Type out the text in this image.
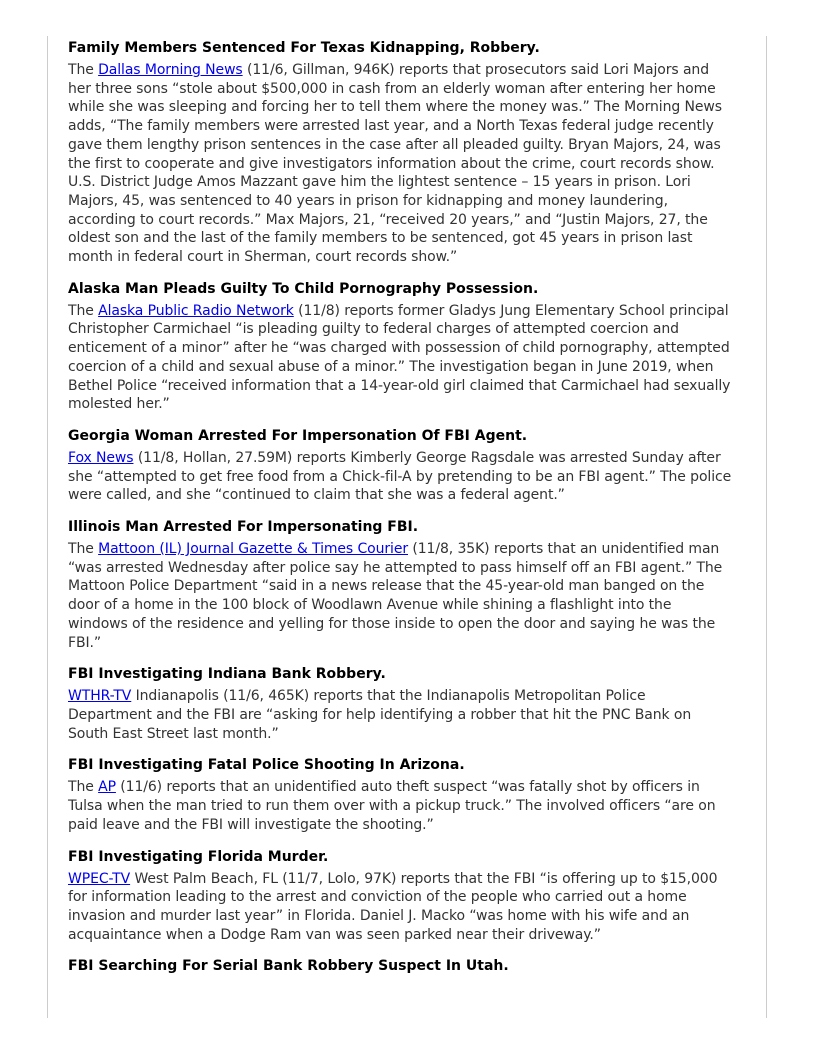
Family Members Sentenced For Texas Kidnapping, Robbery.

The Dallas Morning News (11/6, Gillman, 946K) reports that prosecutors said Lori Majors and
her three sons “stole about $500,000 in cash from an elderly woman after entering her home
while she was sleeping and forcing her to tell them where the money was.” The Morning News
adds, “The family members were arrested last year, and a North Texas federal judge recently
gave them lengthy prison sentences in the case after all pleaded guilty. Bryan Majors, 24, was
the first to cooperate and give investigators information about the crime, court records show.
U.S. District Judge Amos Mazzant gave him the lightest sentence – 15 years in prison. Lori
Majors, 45, was sentenced to 40 years in prison for kidnapping and money laundering,
according to court records.” Max Majors, 21, “received 20 years,” and “Justin Majors, 27, the
oldest son and the last of the family members to be sentenced, got 45 years in prison last
month in federal court in Sherman, court records show.”

Alaska Man Pleads Guilty To Child Pornography Possession.

The Alaska Public Radio Network (11/8) reports former Gladys Jung Elementary School principal
Christopher Carmichael “is pleading guilty to federal charges of attempted coercion and
enticement of a minor” after he “was charged with possession of child pornography, attempted
coercion of a child and sexual abuse of a minor.” The investigation began in June 2019, when
Bethel Police “received information that a 14-year-old girl claimed that Carmichael had sexually
molested her.”

Georgia Woman Arrested For Impersonation Of FBI Agent.

Fox News (11/8, Hollan, 27.59M) reports Kimberly George Ragsdale was arrested Sunday after
she “attempted to get free food from a Chick-fil-A by pretending to be an FBI agent.” The police
were called, and she “continued to claim that she was a federal agent.”

Illinois Man Arrested For Impersonating FBI.

The Mattoon (IL) Journal Gazette & Times Courier (11/8, 35K) reports that an unidentified man
“was arrested Wednesday after police say he attempted to pass himself off an FBI agent.” The
Mattoon Police Department “said in a news release that the 45-year-old man banged on the
door of a home in the 100 block of Woodlawn Avenue while shining a flashlight into the
windows of the residence and yelling for those inside to open the door and saying he was the
FBI.”

FBI Investigating Indiana Bank Robbery.

WTHR-TV Indianapolis (11/6, 465K) reports that the Indianapolis Metropolitan Police
Department and the FBI are “asking for help identifying a robber that hit the PNC Bank on
South East Street last month.”

FBI Investigating Fatal Police Shooting In Arizona.

The AP (11/6) reports that an unidentified auto theft suspect “was fatally shot by officers in
Tulsa when the man tried to run them over with a pickup truck.” The involved officers “are on
paid leave and the FBI will investigate the shooting.”

FBI Investigating Florida Murder.

WPEC-TV West Palm Beach, FL (11/7, Lolo, 97K) reports that the FBI “is offering up to $15,000
for information leading to the arrest and conviction of the people who carried out a home
invasion and murder last year” in Florida. Daniel J. Macko “was home with his wife and an
acquaintance when a Dodge Ram van was seen parked near their driveway.”

FBI Searching For Serial Bank Robbery Suspect In Utah.
